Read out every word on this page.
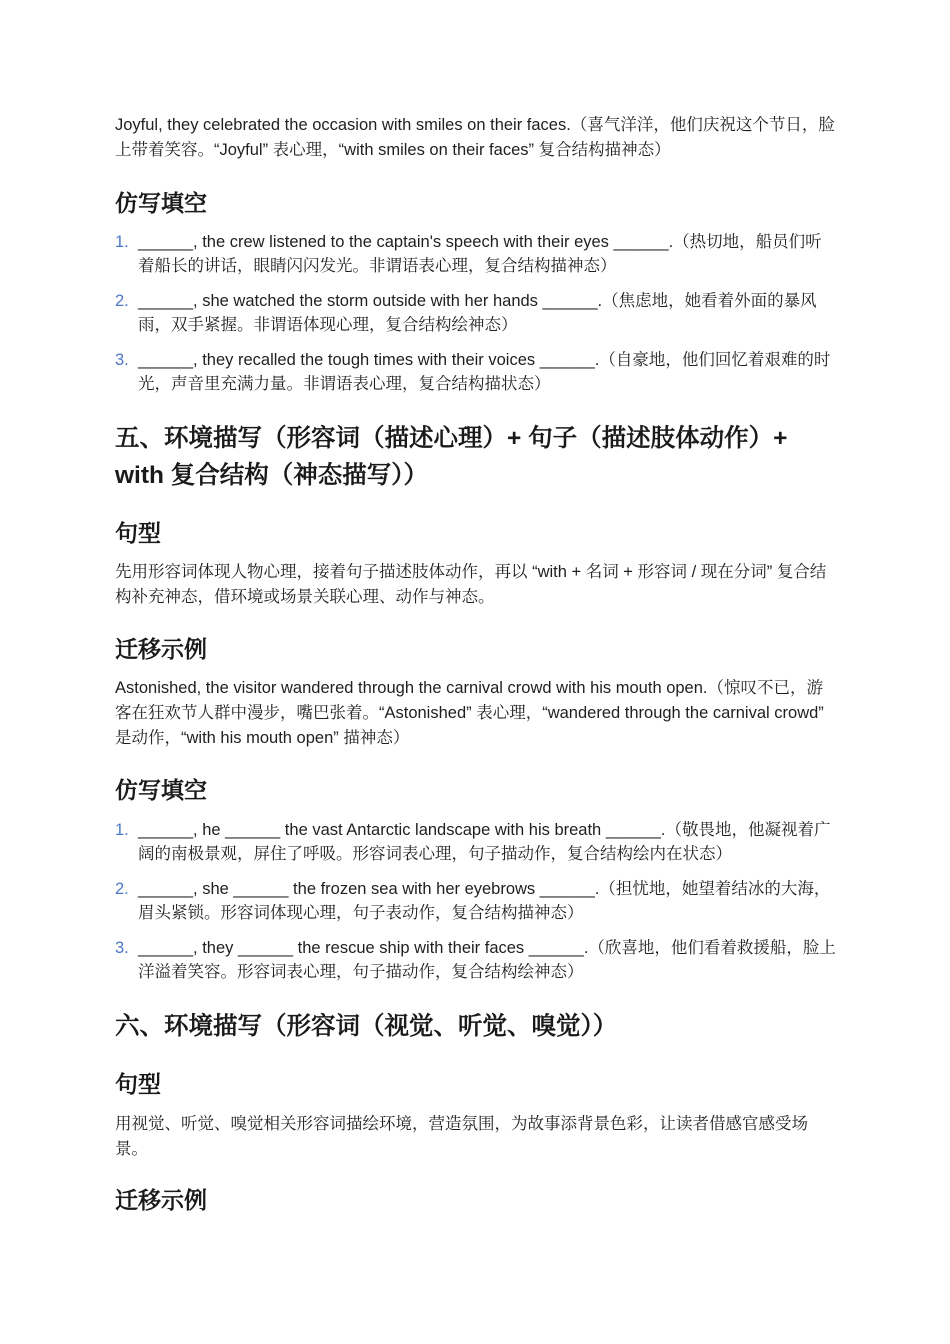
Joyful, they celebrated the occasion with smiles on their faces.（喜气洋洋，他们庆祝这个节日，脸上带着笑容。“Joyful” 表心理，“with smiles on their faces” 复合结构描神态）

仿写填空
1. ______, the crew listened to the captain's speech with their eyes ______.（热切地，船员们听着船长的讲话，眼睛闪闪发光。非谓语表心理，复合结构描神态）
2. ______, she watched the storm outside with her hands ______.（焦虑地，她看着外面的暴风雨，双手紧握。非谓语体现心理，复合结构绘神态）
3. ______, they recalled the tough times with their voices ______.（自豪地，他们回忆着艰难的时光，声音里充满力量。非谓语表心理，复合结构描状态）
五、环境描写（形容词（描述心理）+ 句子（描述肢体动作）+ with 复合结构（神态描写））
句型

先用形容词体现人物心理，接着句子描述肢体动作，再以 “with + 名词 + 形容词 / 现在分词” 复合结构补充神态，借环境或场景关联心理、动作与神态。

迁移示例

Astonished, the visitor wandered through the carnival crowd with his mouth open.（惊叹不已，游客在狂欢节人群中漫步，嘴巴张着。“Astonished” 表心理，“wandered through the carnival crowd” 是动作，“with his mouth open” 描神态）

仿写填空
1. ______, he ______ the vast Antarctic landscape with his breath ______.（敬畏地，他凝视着广阔的南极景观，屏住了呼吸。形容词表心理，句子描动作，复合结构绘内在状态）
2. ______, she ______ the frozen sea with her eyebrows ______.（担忧地，她望着结冰的大海，眉头紧锁。形容词体现心理，句子表动作，复合结构描神态）
3. ______, they ______ the rescue ship with their faces ______.（欣喜地，他们看着救援船，脸上洋溢着笑容。形容词表心理，句子描动作，复合结构绘神态）
六、环境描写（形容词（视觉、听觉、嗅觉））
句型

用视觉、听觉、嗅觉相关形容词描绘环境，营造氛围，为故事添背景色彩，让读者借感官感受场景。

迁移示例
